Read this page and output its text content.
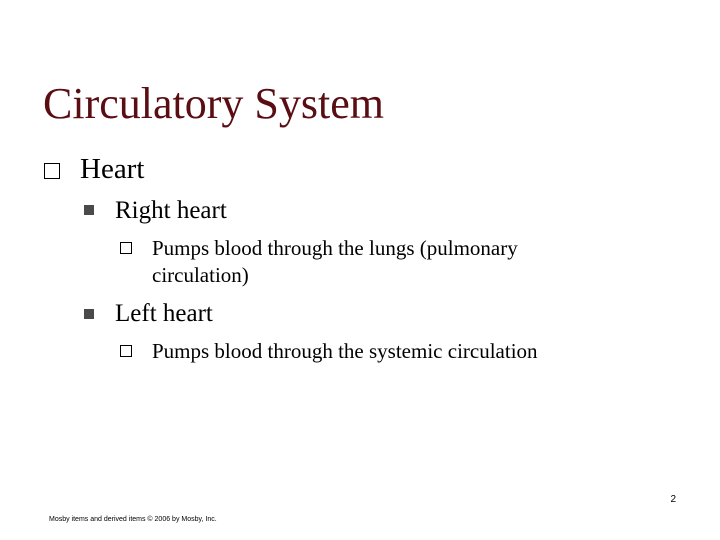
Circulatory System
Heart
Right heart
Pumps blood through the lungs (pulmonary
circulation)
Left heart
Pumps blood through the systemic circulation
2
Mosby items and derived items © 2006 by Mosby, Inc.
